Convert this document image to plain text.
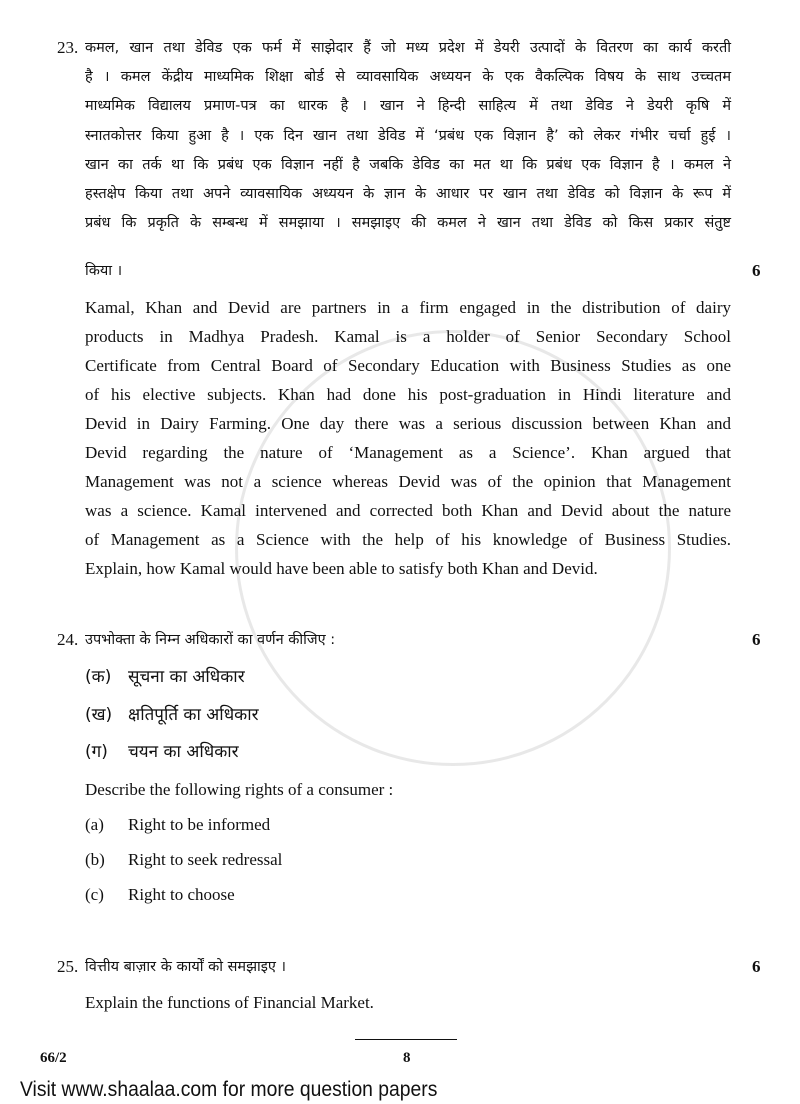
23. कमल, खान तथा डेविड एक फर्म में साझेदार हैं जो मध्य प्रदेश में डेयरी उत्पादों के वितरण का कार्य करती
है । कमल केंद्रीय माध्यमिक शिक्षा बोर्ड से व्यावसायिक अध्ययन के एक वैकल्पिक विषय के साथ उच्चतम
माध्यमिक विद्यालय प्रमाण-पत्र का धारक है । खान ने हिन्दी साहित्य में तथा डेविड ने डेयरी कृषि में
स्नातकोत्तर किया हुआ है । एक दिन खान तथा डेविड में ‘प्रबंध एक विज्ञान है’ को लेकर गंभीर चर्चा हुई ।
खान का तर्क था कि प्रबंध एक विज्ञान नहीं है जबकि डेविड का मत था कि प्रबंध एक विज्ञान है । कमल ने
हस्तक्षेप किया तथा अपने व्यावसायिक अध्ययन के ज्ञान के आधार पर खान तथा डेविड को विज्ञान के रूप में
प्रबंध कि प्रकृति के सम्बन्ध में समझाया । समझाइए की कमल ने खान तथा डेविड को किस प्रकार संतुष्ट
किया ।	6
Kamal, Khan and Devid are partners in a firm engaged in the distribution of dairy
products in Madhya Pradesh. Kamal is a holder of Senior Secondary School
Certificate from Central Board of Secondary Education with Business Studies as one
of his elective subjects. Khan had done his post-graduation in Hindi literature and
Devid in Dairy Farming. One day there was a serious discussion between Khan and
Devid regarding the nature of ‘Management as a Science’. Khan argued that
Management was not a science whereas Devid was of the opinion that Management
was a science. Kamal intervened and corrected both Khan and Devid about the nature
of Management as a Science with the help of his knowledge of Business Studies.
Explain, how Kamal would have been able to satisfy both Khan and Devid.
24. उपभोक्ता के निम्न अधिकारों का वर्णन कीजिए :	6
(क) सूचना का अधिकार
(ख) क्षतिपूर्ति का अधिकार
(ग) चयन का अधिकार
Describe the following rights of a consumer :
(a) Right to be informed
(b) Right to seek redressal
(c) Right to choose
25. वित्तीय बाज़ार के कार्यों को समझाइए ।	6
Explain the functions of Financial Market.
66/2	8
Visit www.shaalaa.com for more question papers
